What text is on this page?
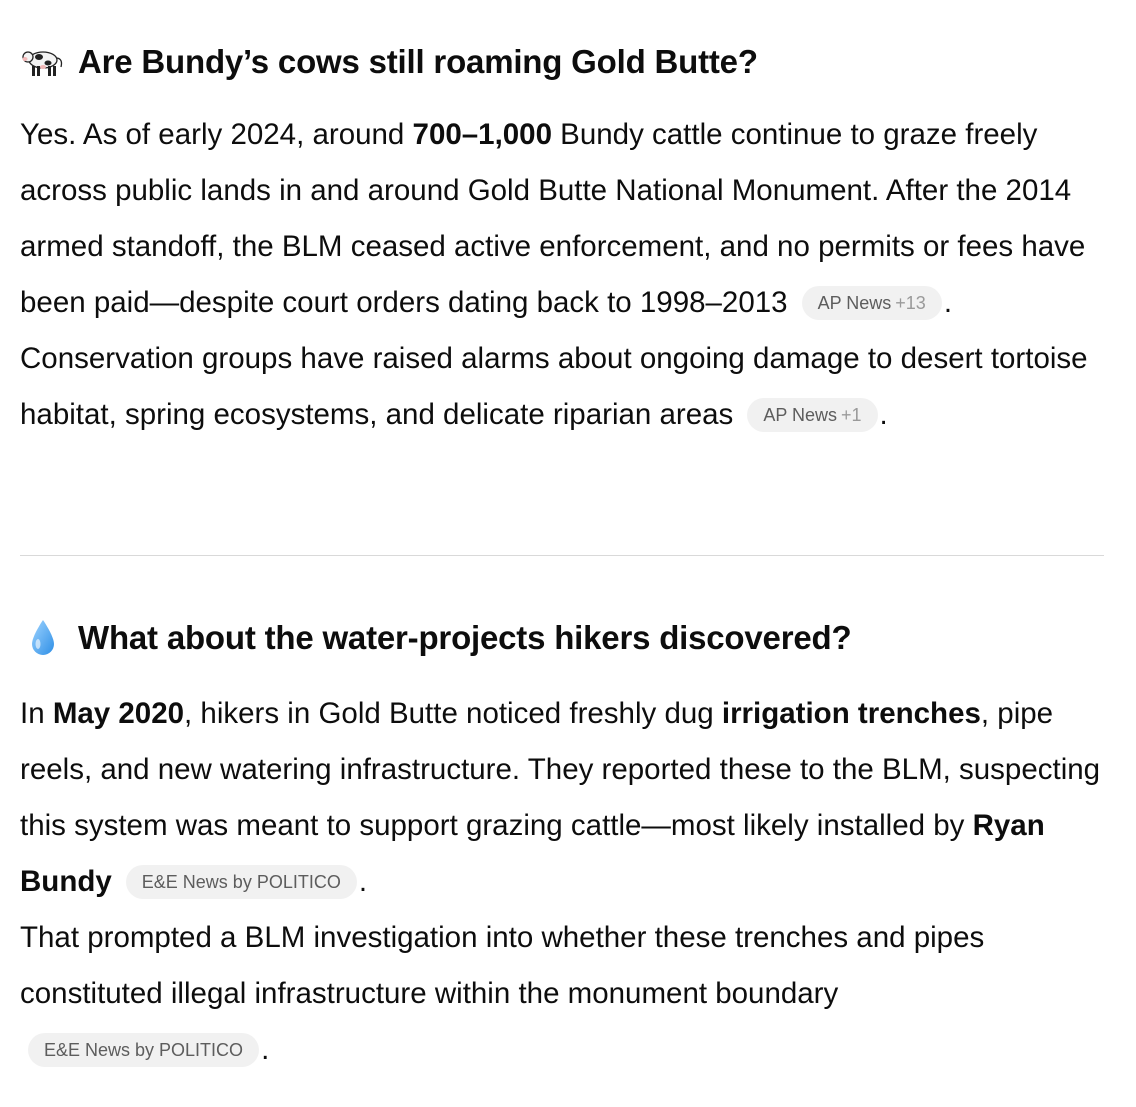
Are Bundy’s cows still roaming Gold Butte?

Yes. As of early 2024, around 700–1,000 Bundy cattle continue to graze freely across public lands in and around Gold Butte National Monument. After the 2014 armed standoff, the BLM ceased active enforcement, and no permits or fees have been paid—despite court orders dating back to 1998–2013 AP News +13 .

Conservation groups have raised alarms about ongoing damage to desert tortoise habitat, spring ecosystems, and delicate riparian areas AP News +1 .

What about the water-projects hikers discovered?

In May 2020, hikers in Gold Butte noticed freshly dug irrigation trenches, pipe reels, and new watering infrastructure. They reported these to the BLM, suspecting this system was meant to support grazing cattle—most likely installed by Ryan Bundy E&E News by POLITICO .

That prompted a BLM investigation into whether these trenches and pipes constituted illegal infrastructure within the monument boundary
E&E News by POLITICO .
